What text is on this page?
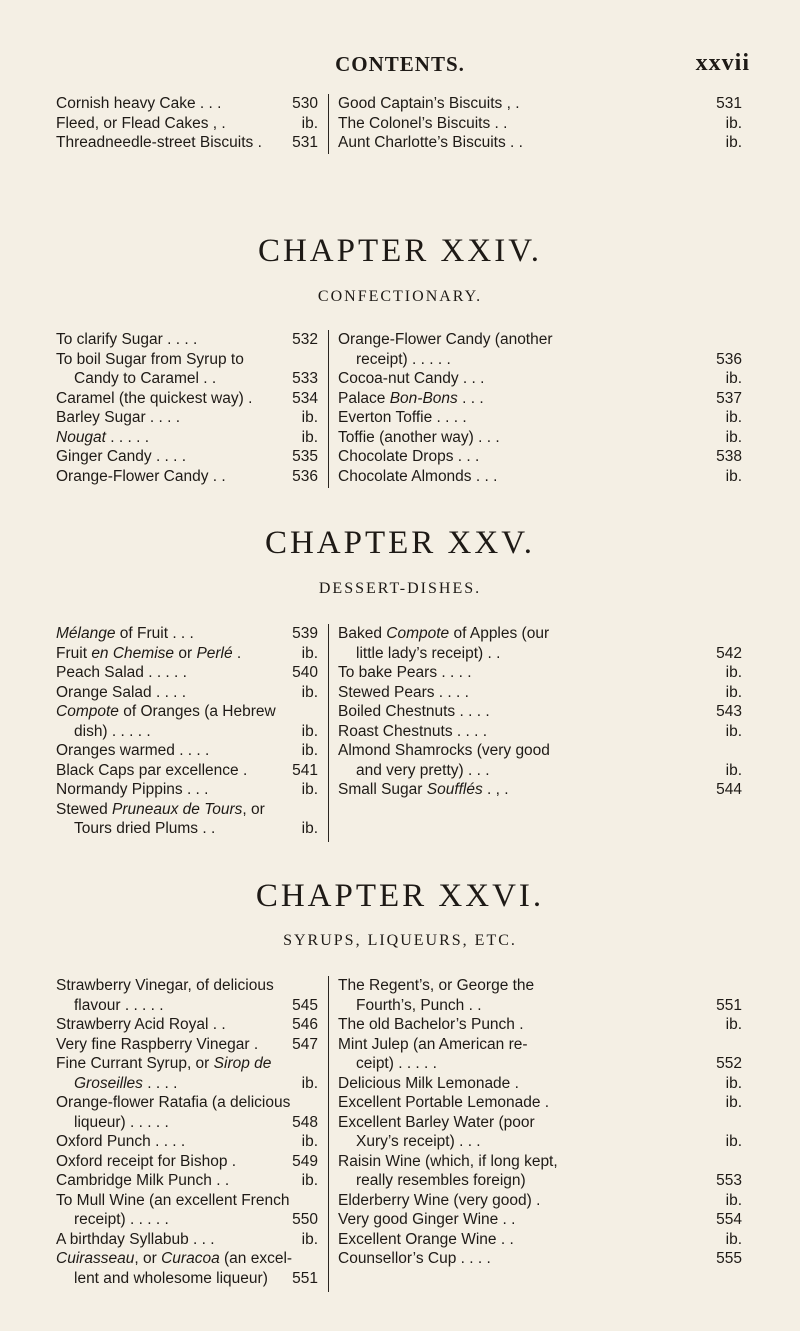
CONTENTS.	xxvii
Cornish heavy Cake . . .	530
Fleed, or Flead Cakes , .	ib.
Threadneedle-street Biscuits .	531
Good Captain’s Biscuits , .	531
The Colonel’s Biscuits . .	ib.
Aunt Charlotte’s Biscuits . .	ib.
CHAPTER XXIV.
CONFECTIONARY.
To clarify Sugar . . . .	532
To boil Sugar from Syrup to
Candy to Caramel . .	533
Caramel (the quickest way) .	534
Barley Sugar . . . .	ib.
Nougat . . . . .	ib.
Ginger Candy . . . .	535
Orange-Flower Candy . .	536
Orange-Flower Candy (another
receipt) . . . . .	536
Cocoa-nut Candy . . .	ib.
Palace Bon-Bons . . .	537
Everton Toffie . . . .	ib.
Toffie (another way) . . .	ib.
Chocolate Drops . . .	538
Chocolate Almonds . . .	ib.
CHAPTER XXV.
DESSERT-DISHES.
Mélange of Fruit . . .	539
Fruit en Chemise or Perlé .	ib.
Peach Salad . . . . .	540
Orange Salad . . . .	ib.
Compote of Oranges (a Hebrew
dish) . . . . .	ib.
Oranges warmed . . . .	ib.
Black Caps par excellence .	541
Normandy Pippins . . .	ib.
Stewed Pruneaux de Tours, or
Tours dried Plums . .	ib.
Baked Compote of Apples (our
little lady’s receipt) . .	542
To bake Pears . . . .	ib.
Stewed Pears . . . .	ib.
Boiled Chestnuts . . . .	543
Roast Chestnuts . . . .	ib.
Almond Shamrocks (very good
and very pretty) . . .	ib.
Small Sugar Soufflés . , .	544
CHAPTER XXVI.
SYRUPS, LIQUEURS, ETC.
Strawberry Vinegar, of delicious
flavour . . . . .	545
Strawberry Acid Royal . .	546
Very fine Raspberry Vinegar .	547
Fine Currant Syrup, or Sirop de
Groseilles . . . .	ib.
Orange-flower Ratafia (a delicious
liqueur) . . . . .	548
Oxford Punch . . . .	ib.
Oxford receipt for Bishop .	549
Cambridge Milk Punch . .	ib.
To Mull Wine (an excellent French
receipt) . . . . .	550
A birthday Syllabub . . .	ib.
Cuirasseau, or Curacoa (an excel-
lent and wholesome liqueur)	551
The Regent’s, or George the
Fourth’s, Punch . .	551
The old Bachelor’s Punch .	ib.
Mint Julep (an American re-
ceipt) . . . . .	552
Delicious Milk Lemonade .	ib.
Excellent Portable Lemonade .	ib.
Excellent Barley Water (poor
Xury’s receipt) . . .	ib.
Raisin Wine (which, if long kept,
really resembles foreign)	553
Elderberry Wine (very good) .	ib.
Very good Ginger Wine . .	554
Excellent Orange Wine . .	ib.
Counsellor’s Cup . . . .	555
